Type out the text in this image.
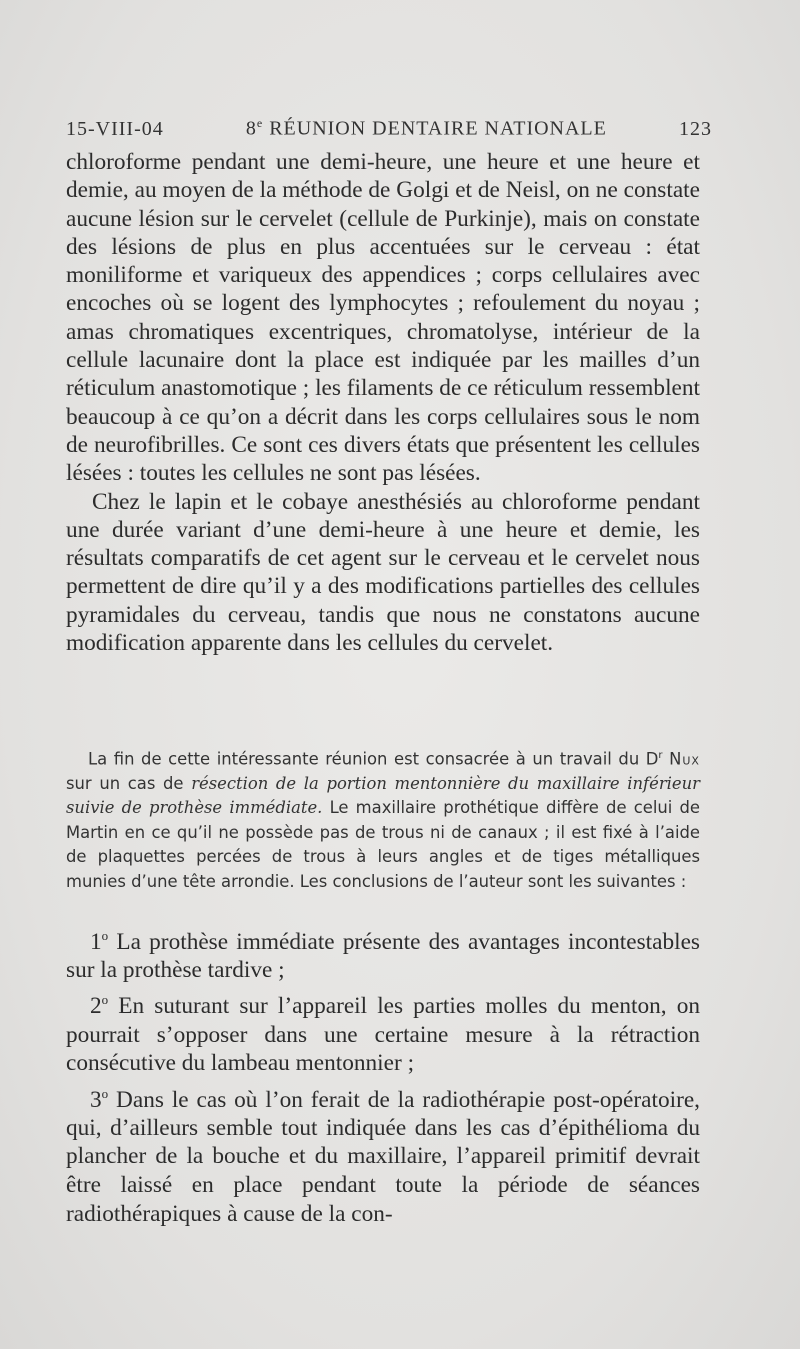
15-VIII-04	8e RÉUNION DENTAIRE NATIONALE	123

chloroforme pendant une demi-heure, une heure et une heure et demie, au moyen de la méthode de Golgi et de Neisl, on ne constate aucune lésion sur le cervelet (cellule de Purkinje), mais on constate des lésions de plus en plus accentuées sur le cerveau : état moniliforme et variqueux des appendices ; corps cellulaires avec encoches où se logent des lymphocytes ; refoulement du noyau ; amas chromatiques excentriques, chromatolyse, intérieur de la cellule lacunaire dont la place est indiquée par les mailles d’un réticulum anastomotique ; les filaments de ce réticulum ressemblent beaucoup à ce qu’on a décrit dans les corps cellulaires sous le nom de neurofibrilles. Ce sont ces divers états que présentent les cellules lésées : toutes les cellules ne sont pas lésées.

Chez le lapin et le cobaye anesthésiés au chloroforme pendant une durée variant d’une demi-heure à une heure et demie, les résultats comparatifs de cet agent sur le cerveau et le cervelet nous permettent de dire qu’il y a des modifications partielles des cellules pyramidales du cerveau, tandis que nous ne constatons aucune modification apparente dans les cellules du cervelet.

La fin de cette intéressante réunion est consacrée à un travail du $D^r$ Nux sur un cas de résection de la portion mentonnière du maxillaire inférieur suivie de prothèse immédiate. Le maxillaire prothétique diffère de celui de Martin en ce qu’il ne possède pas de trous ni de canaux ; il est fixé à l’aide de plaquettes percées de trous à leurs angles et de tiges métalliques munies d’une tête arrondie. Les conclusions de l’auteur sont les suivantes :

1$^o$ La prothèse immédiate présente des avantages incontestables sur la prothèse tardive ;

2$^o$ En suturant sur l’appareil les parties molles du menton, on pourrait s’opposer dans une certaine mesure à la rétraction consécutive du lambeau mentonnier ;

3$^o$ Dans le cas où l’on ferait de la radiothérapie post-opératoire, qui, d’ailleurs semble tout indiquée dans les cas d’épithélioma du plancher de la bouche et du maxillaire, l’appareil primitif devrait être laissé en place pendant toute la période de séances radiothérapiques à cause de la con-
